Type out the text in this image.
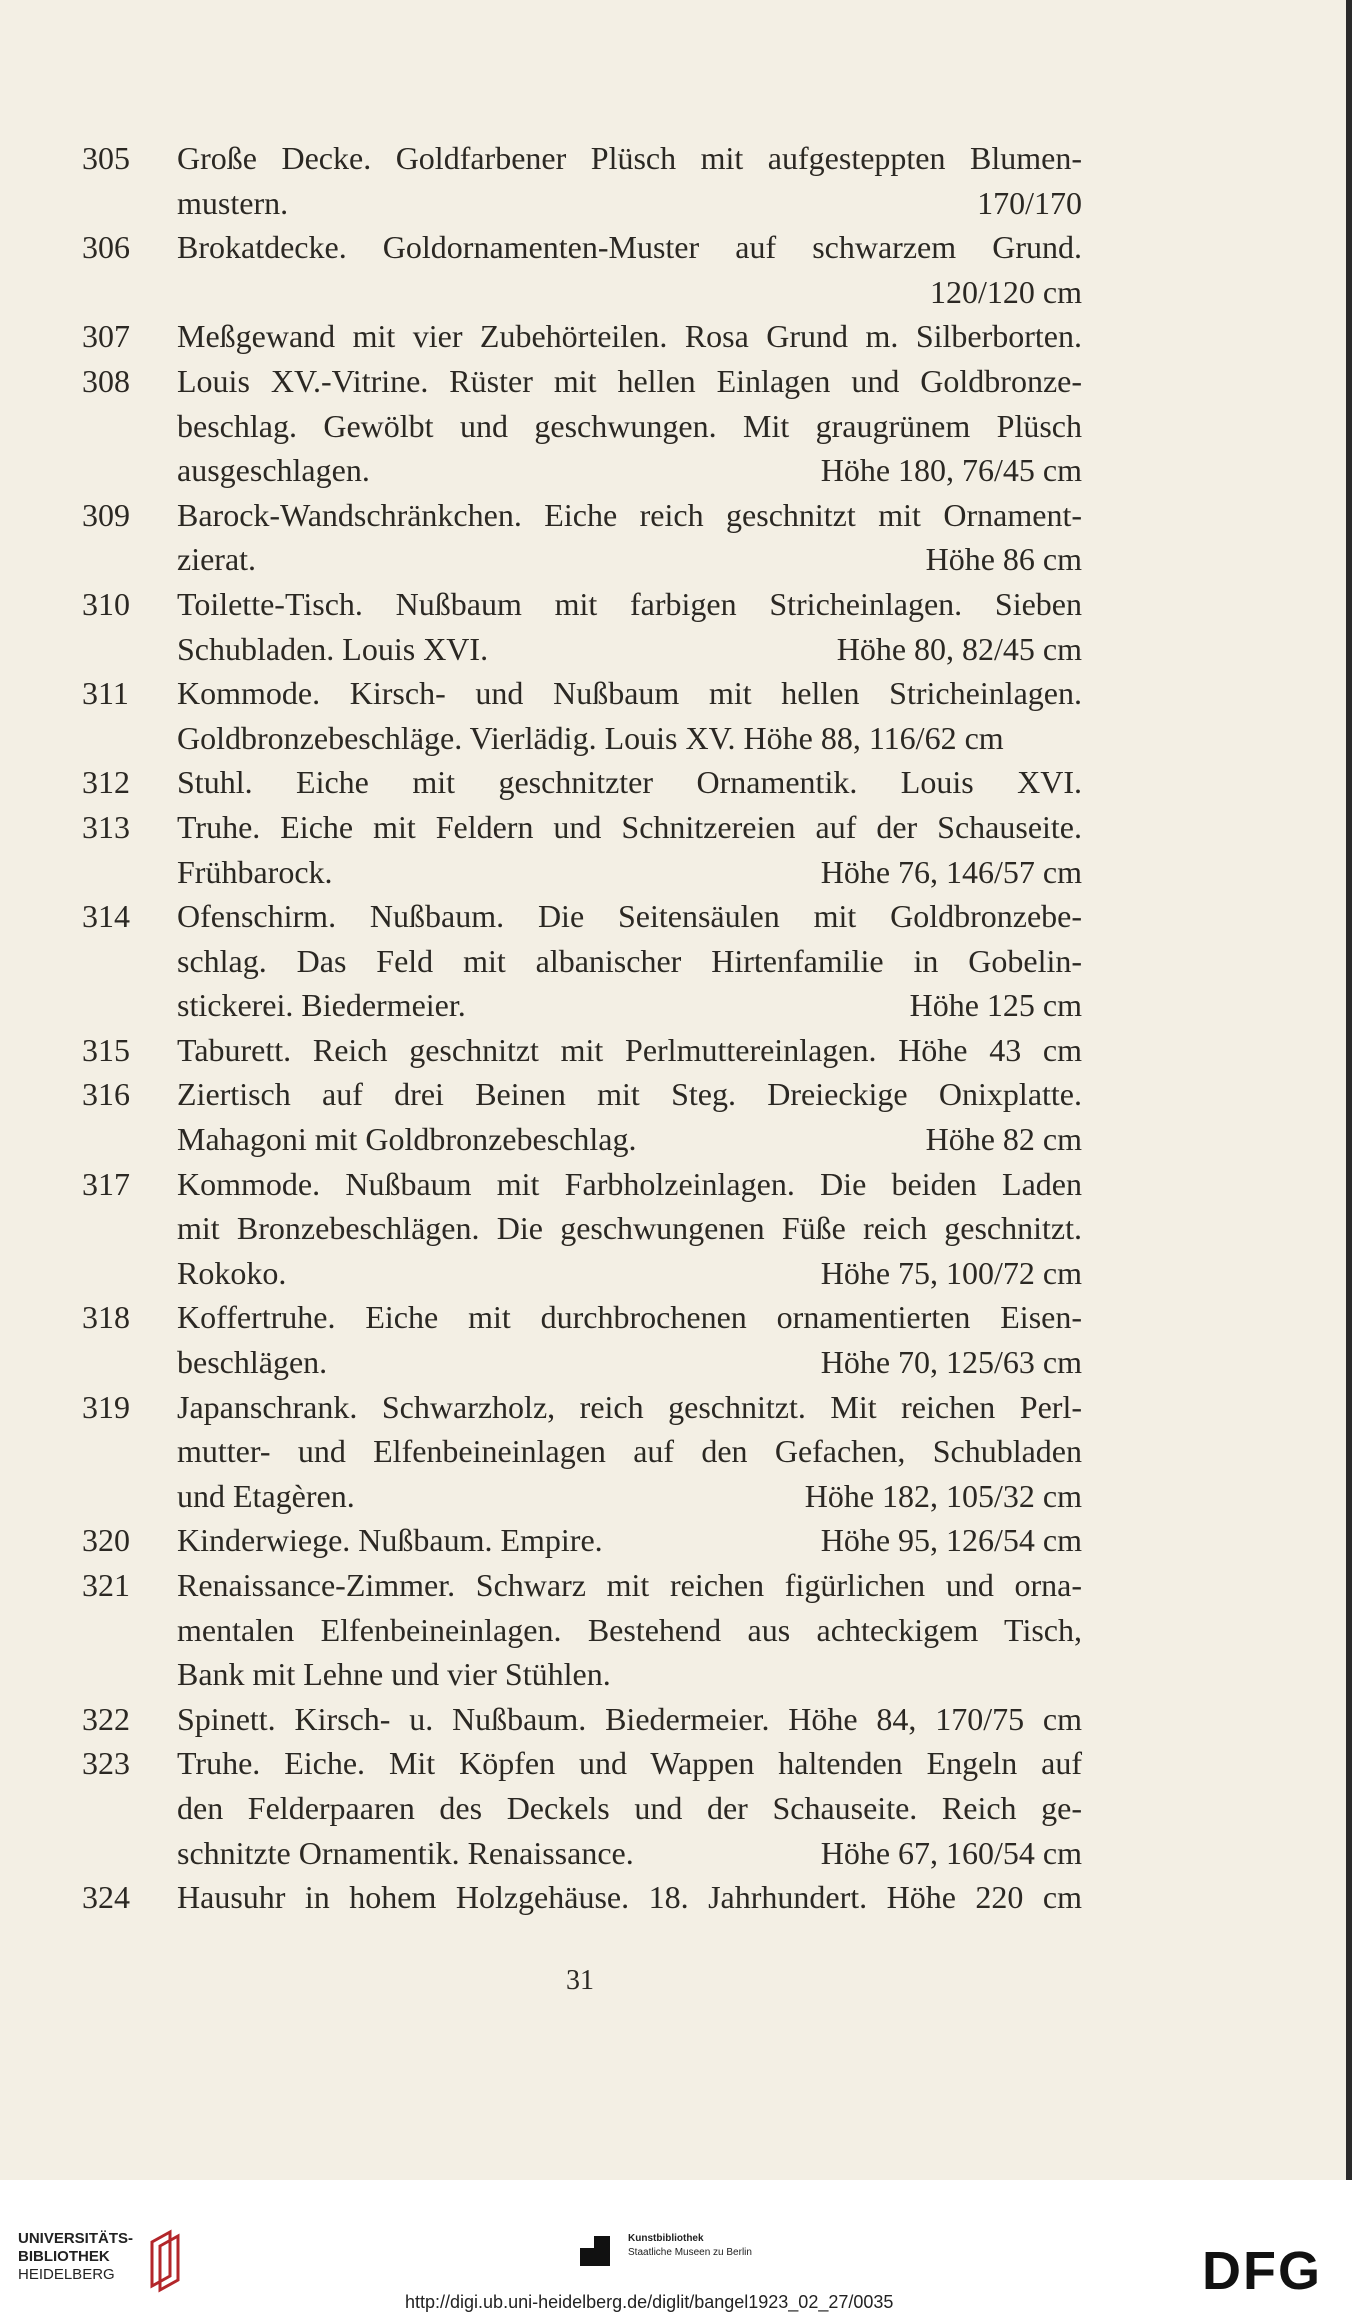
305	Große Decke. Goldfarbener Plüsch mit aufgesteppten Blumen-
mustern.	170/170
306	Brokatdecke. Goldornamenten-Muster auf schwarzem Grund.
120/120 cm
307	Meßgewand mit vier Zubehörteilen. Rosa Grund m. Silberborten.
308	Louis XV.-Vitrine. Rüster mit hellen Einlagen und Goldbronze-
beschlag. Gewölbt und geschwungen. Mit graugrünem Plüsch
ausgeschlagen.	Höhe 180, 76/45 cm
309	Barock-Wandschränkchen. Eiche reich geschnitzt mit Ornament-
zierat.	Höhe 86 cm
310	Toilette-Tisch. Nußbaum mit farbigen Stricheinlagen. Sieben
Schubladen. Louis XVI.	Höhe 80, 82/45 cm
311	Kommode. Kirsch- und Nußbaum mit hellen Stricheinlagen.
Goldbronzebeschläge. Vierlädig. Louis XV. Höhe 88, 116/62 cm
312	Stuhl. Eiche mit geschnitzter Ornamentik. Louis XVI.
313	Truhe. Eiche mit Feldern und Schnitzereien auf der Schauseite.
Frühbarock.	Höhe 76, 146/57 cm
314	Ofenschirm. Nußbaum. Die Seitensäulen mit Goldbronzebe-
schlag. Das Feld mit albanischer Hirtenfamilie in Gobelin-
stickerei. Biedermeier.	Höhe 125 cm
315	Taburett. Reich geschnitzt mit Perlmuttereinlagen. Höhe 43 cm
316	Ziertisch auf drei Beinen mit Steg. Dreieckige Onixplatte.
Mahagoni mit Goldbronzebeschlag.	Höhe 82 cm
317	Kommode. Nußbaum mit Farbholzeinlagen. Die beiden Laden
mit Bronzebeschlägen. Die geschwungenen Füße reich geschnitzt.
Rokoko.	Höhe 75, 100/72 cm
318	Koffertruhe. Eiche mit durchbrochenen ornamentierten Eisen-
beschlägen.	Höhe 70, 125/63 cm
319	Japanschrank. Schwarzholz, reich geschnitzt. Mit reichen Perl-
mutter- und Elfenbeineinlagen auf den Gefachen, Schubladen
und Etagèren.	Höhe 182, 105/32 cm
320	Kinderwiege. Nußbaum. Empire.	Höhe 95, 126/54 cm
321	Renaissance-Zimmer. Schwarz mit reichen figürlichen und orna-
mentalen Elfenbeineinlagen. Bestehend aus achteckigem Tisch,
Bank mit Lehne und vier Stühlen.
322	Spinett. Kirsch- u. Nußbaum. Biedermeier. Höhe 84, 170/75 cm
323	Truhe. Eiche. Mit Köpfen und Wappen haltenden Engeln auf
den Felderpaaren des Deckels und der Schauseite. Reich ge-
schnitzte Ornamentik. Renaissance.	Höhe 67, 160/54 cm
324	Hausuhr in hohem Holzgehäuse. 18. Jahrhundert. Höhe 220 cm
31
UNIVERSITÄTS-
BIBLIOTHEK
HEIDELBERG
Kunstbibliothek
Staatliche Museen zu Berlin	DFG
http://digi.ub.uni-heidelberg.de/diglit/bangel1923_02_27/0035
